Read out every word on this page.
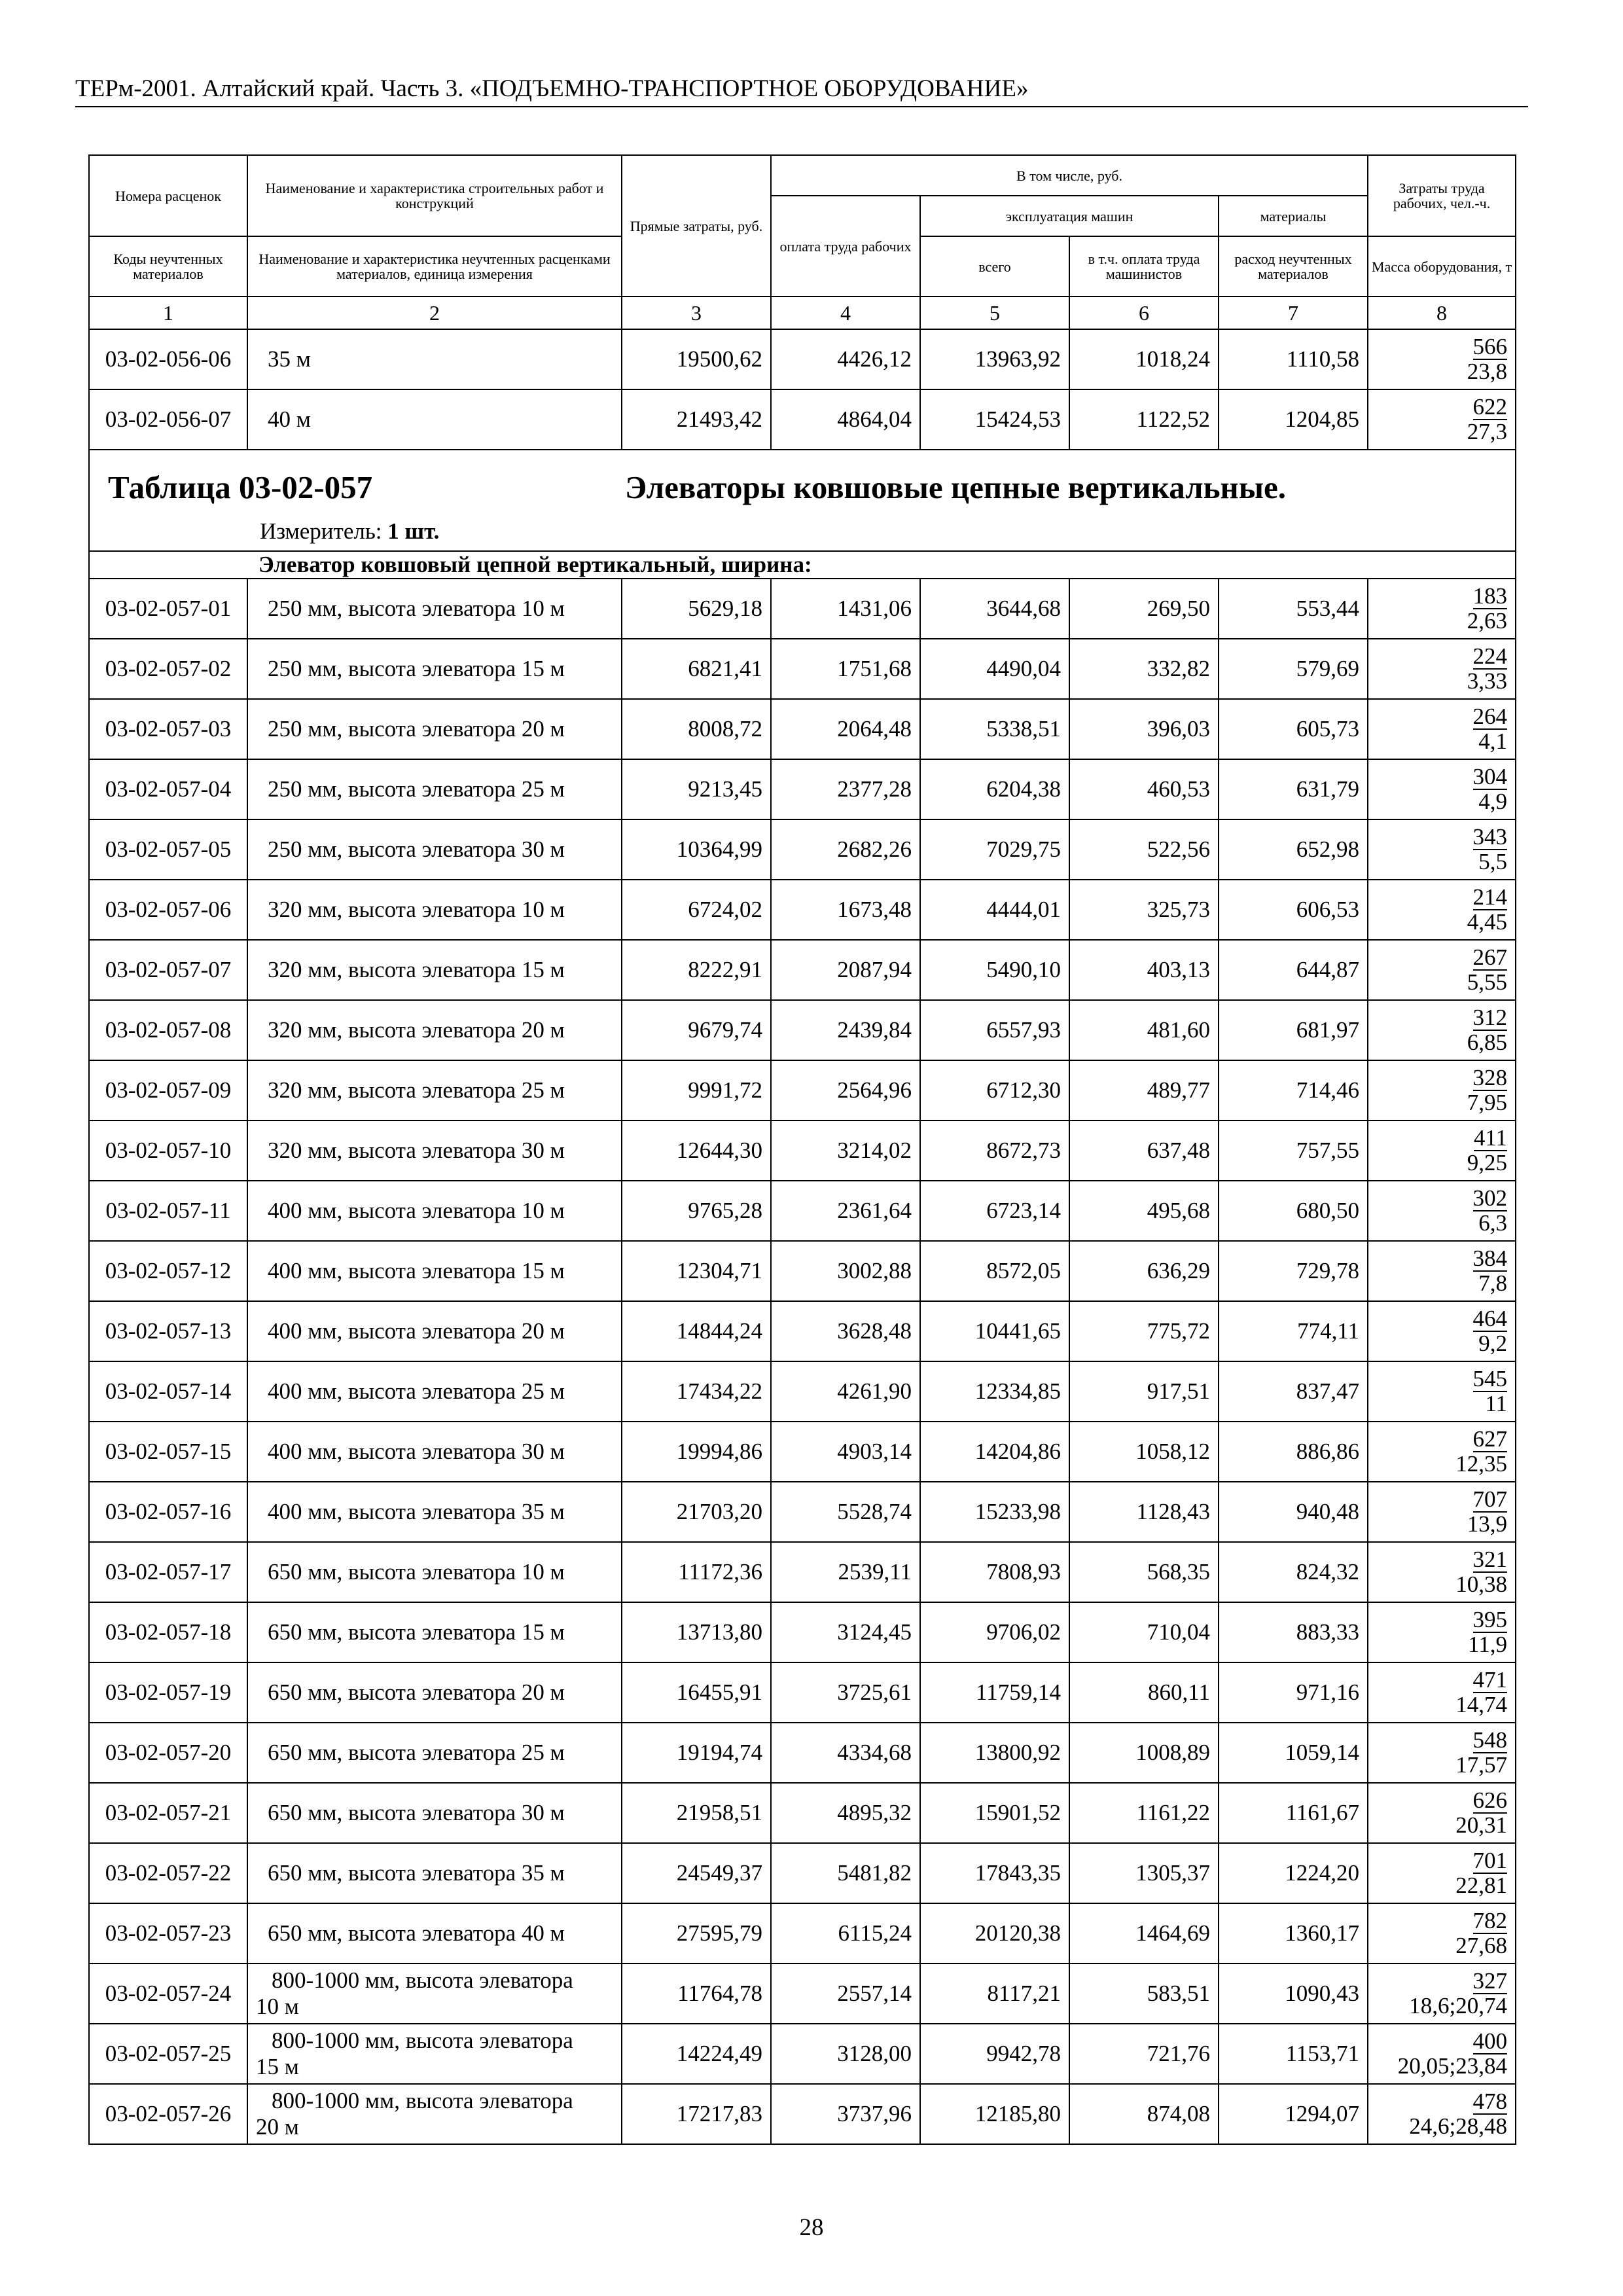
ТЕРм-2001. Алтайский край. Часть 3. «ПОДЪЕМНО-ТРАНСПОРТНОЕ ОБОРУДОВАНИЕ»
Номера расценок	Наименование и характеристика строительных работ и конструкций	Прямые затраты, руб.	В том числе, руб.				Затраты труда рабочих, чел.-ч.
			оплата труда рабочих	эксплуатация машин		материалы	
Коды неучтенных материалов	Наименование и характеристика неучтенных расценками материалов, единица измерения			всего	в т.ч. оплата труда машинистов	расход неучтенных материалов	Масса оборудования, т
1	2	3	4	5	6	7	8
03-02-056-06	35 м	19500,62	4426,12	13963,92	1018,24	1110,58	566
23,8

03-02-056-07	40 м	21493,42	4864,04	15424,53	1122,52	1204,85	622
27,3

Таблица 03-02-057 Элеваторы ковшовые цепные вертикальные.
Измеритель: 1 шт.							

Элеватор ковшовый цепной вертикальный, ширина:							
03-02-057-01	250 мм, высота элеватора 10 м	5629,18	1431,06	3644,68	269,50	553,44	183
2,63

03-02-057-02	250 мм, высота элеватора 15 м	6821,41	1751,68	4490,04	332,82	579,69	224
3,33

03-02-057-03	250 мм, высота элеватора 20 м	8008,72	2064,48	5338,51	396,03	605,73	264
4,1

03-02-057-04	250 мм, высота элеватора 25 м	9213,45	2377,28	6204,38	460,53	631,79	304
4,9

03-02-057-05	250 мм, высота элеватора 30 м	10364,99	2682,26	7029,75	522,56	652,98	343
5,5

03-02-057-06	320 мм, высота элеватора 10 м	6724,02	1673,48	4444,01	325,73	606,53	214
4,45

03-02-057-07	320 мм, высота элеватора 15 м	8222,91	2087,94	5490,10	403,13	644,87	267
5,55

03-02-057-08	320 мм, высота элеватора 20 м	9679,74	2439,84	6557,93	481,60	681,97	312
6,85

03-02-057-09	320 мм, высота элеватора 25 м	9991,72	2564,96	6712,30	489,77	714,46	328
7,95

03-02-057-10	320 мм, высота элеватора 30 м	12644,30	3214,02	8672,73	637,48	757,55	411
9,25

03-02-057-11	400 мм, высота элеватора 10 м	9765,28	2361,64	6723,14	495,68	680,50	302
6,3

03-02-057-12	400 мм, высота элеватора 15 м	12304,71	3002,88	8572,05	636,29	729,78	384
7,8

03-02-057-13	400 мм, высота элеватора 20 м	14844,24	3628,48	10441,65	775,72	774,11	464
9,2

03-02-057-14	400 мм, высота элеватора 25 м	17434,22	4261,90	12334,85	917,51	837,47	545
11

03-02-057-15	400 мм, высота элеватора 30 м	19994,86	4903,14	14204,86	1058,12	886,86	627
12,35

03-02-057-16	400 мм, высота элеватора 35 м	21703,20	5528,74	15233,98	1128,43	940,48	707
13,9

03-02-057-17	650 мм, высота элеватора 10 м	11172,36	2539,11	7808,93	568,35	824,32	321
10,38

03-02-057-18	650 мм, высота элеватора 15 м	13713,80	3124,45	9706,02	710,04	883,33	395
11,9

03-02-057-19	650 мм, высота элеватора 20 м	16455,91	3725,61	11759,14	860,11	971,16	471
14,74

03-02-057-20	650 мм, высота элеватора 25 м	19194,74	4334,68	13800,92	1008,89	1059,14	548
17,57

03-02-057-21	650 мм, высота элеватора 30 м	21958,51	4895,32	15901,52	1161,22	1161,67	626
20,31

03-02-057-22	650 мм, высота элеватора 35 м	24549,37	5481,82	17843,35	1305,37	1224,20	701
22,81

03-02-057-23	650 мм, высота элеватора 40 м	27595,79	6115,24	20120,38	1464,69	1360,17	782
27,68

03-02-057-24	800-1000 мм, высота элеватора
10 м	11764,78	2557,14	8117,21	583,51	1090,43	327
18,6;20,74

03-02-057-25	800-1000 мм, высота элеватора
15 м	14224,49	3128,00	9942,78	721,76	1153,71	400
20,05;23,84

03-02-057-26	800-1000 мм, высота элеватора
20 м	17217,83	3737,96	12185,80	874,08	1294,07	478
24,6;28,48
28
